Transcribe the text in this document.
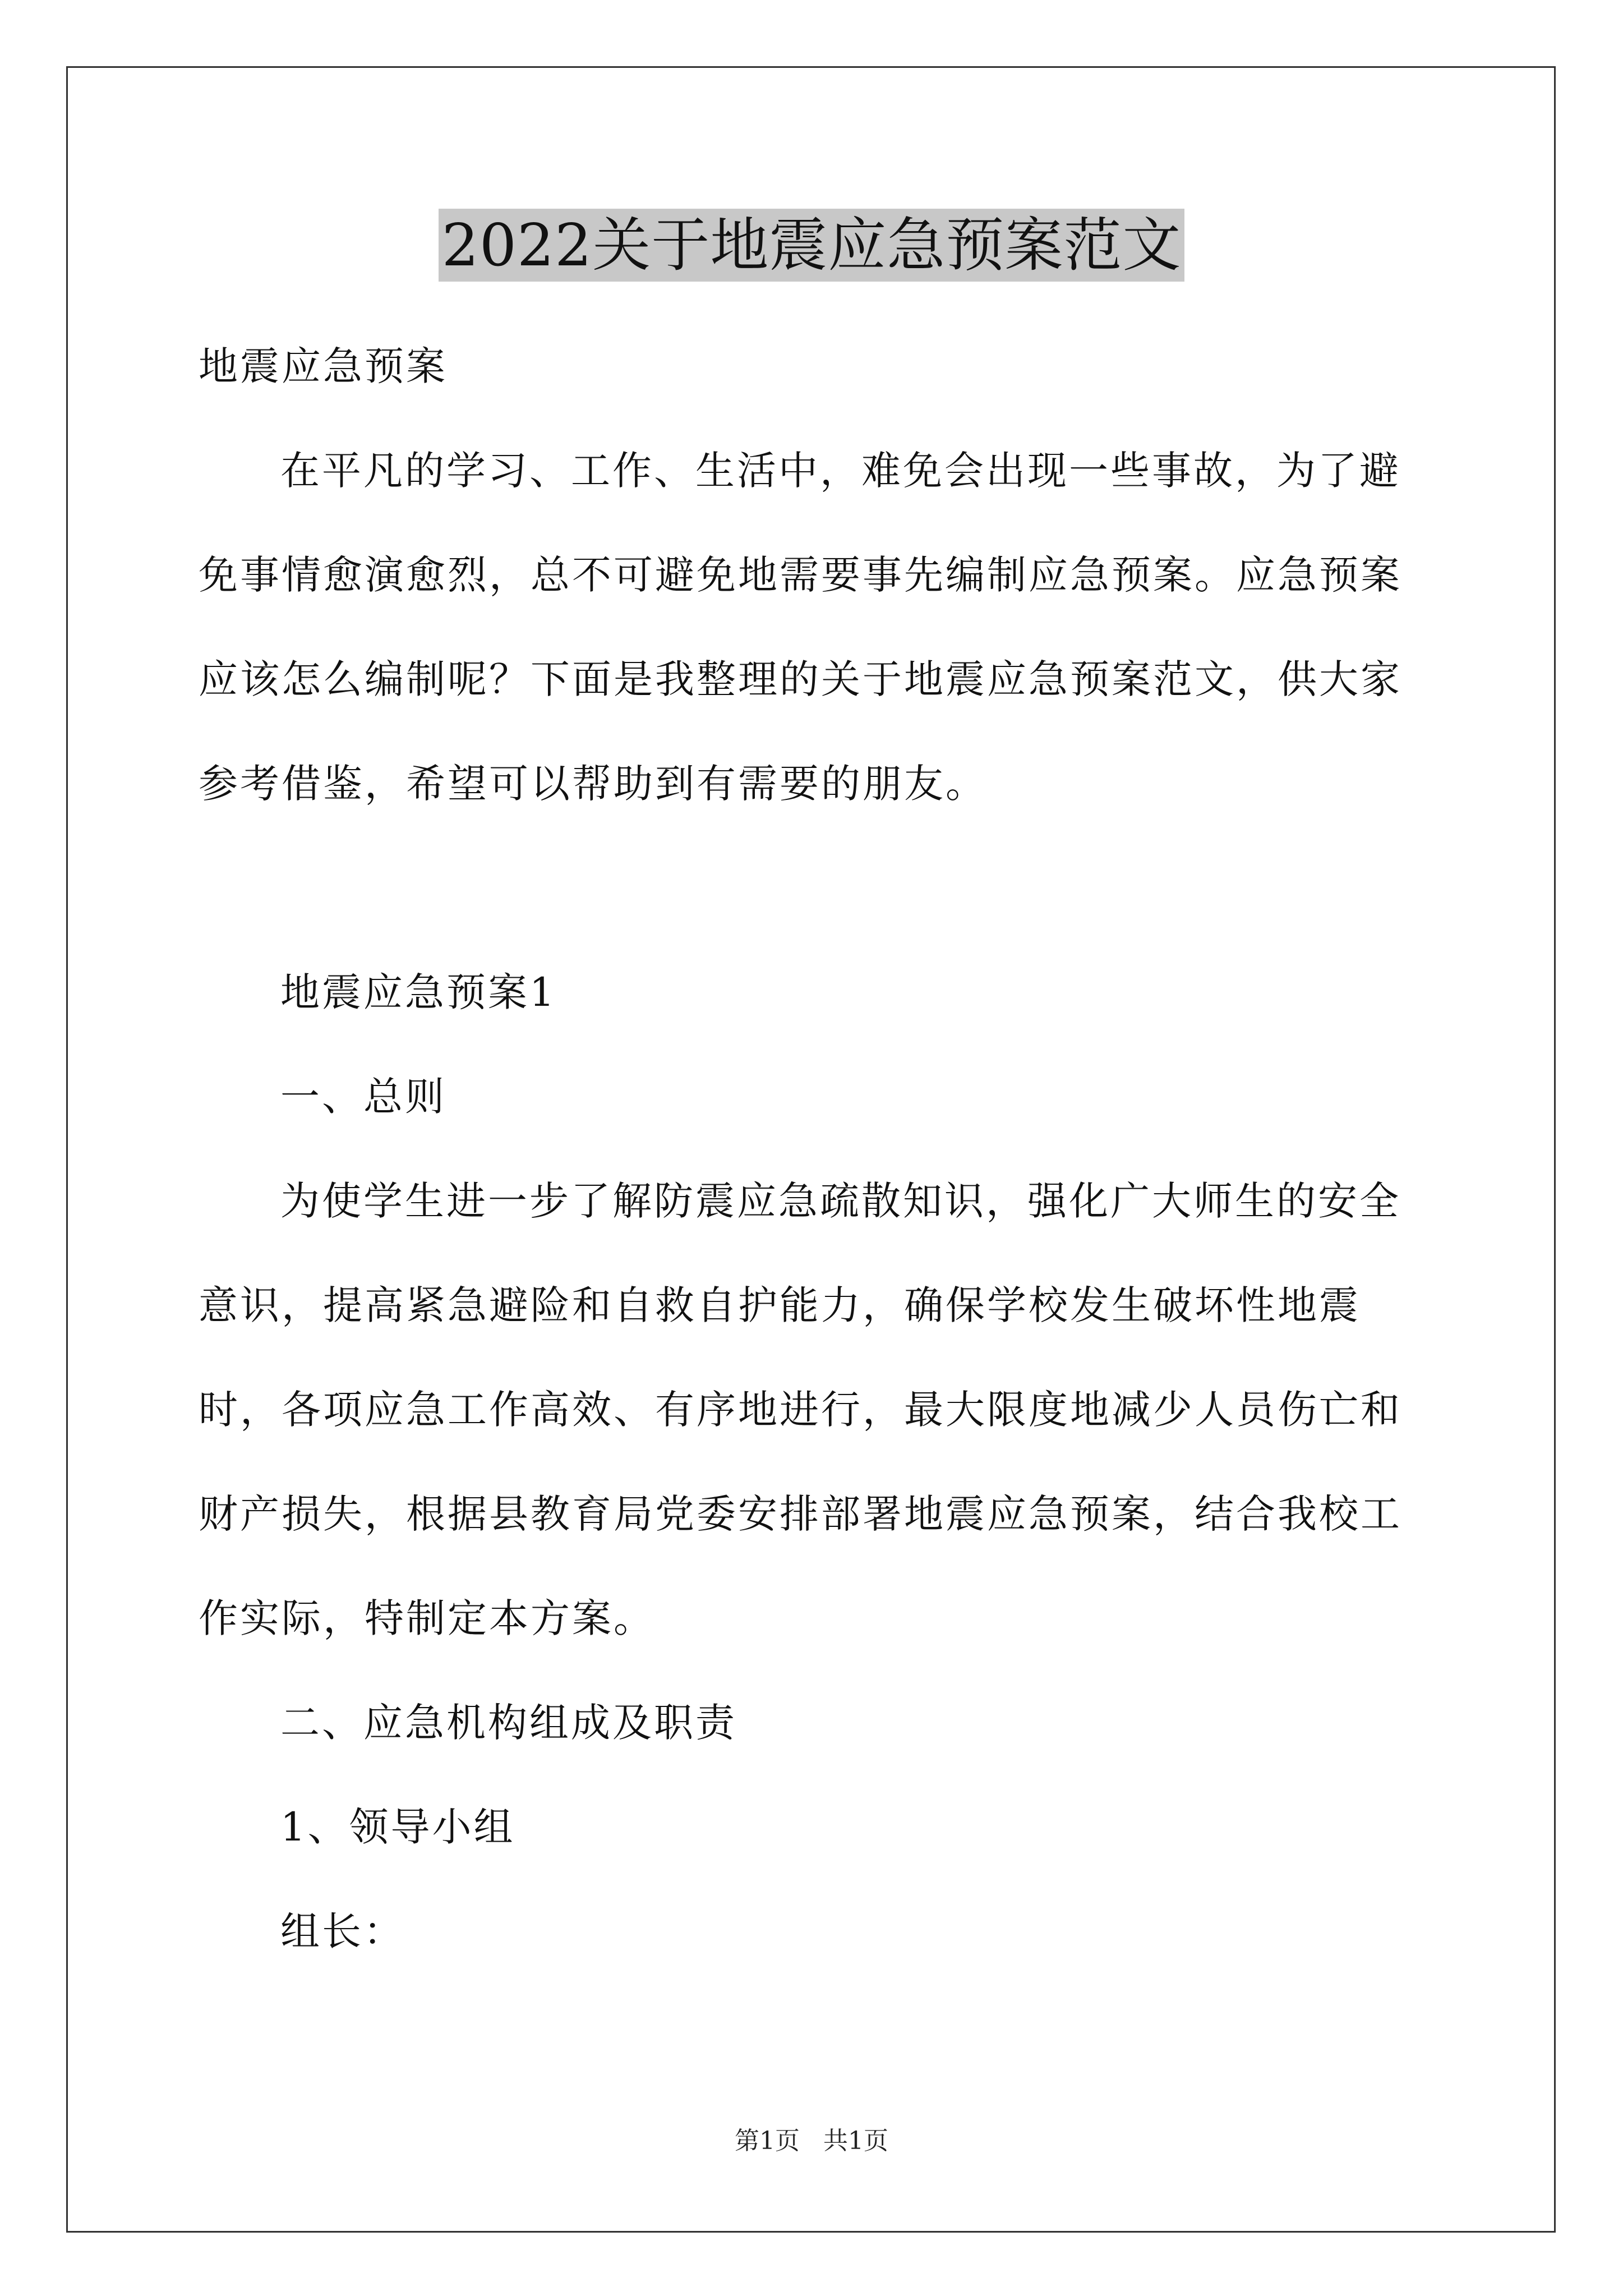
2022关于地震应急预案范文

地震应急预案

在平凡的学习、工作、生活中，难免会出现一些事故，为了避免事情愈演愈烈，总不可避免地需要事先编制应急预案。应急预案应该怎么编制呢？下面是我整理的关于地震应急预案范文，供大家参考借鉴，希望可以帮助到有需要的朋友。

地震应急预案1

一、总则

为使学生进一步了解防震应急疏散知识，强化广大师生的安全意识，提高紧急避险和自救自护能力，确保学校发生破坏性地震时，各项应急工作高效、有序地进行，最大限度地减少人员伤亡和财产损失，根据县教育局党委安排部署地震应急预案，结合我校工作实际，特制定本方案。

二、应急机构组成及职责

1、领导小组

组长：

第1页 共1页
